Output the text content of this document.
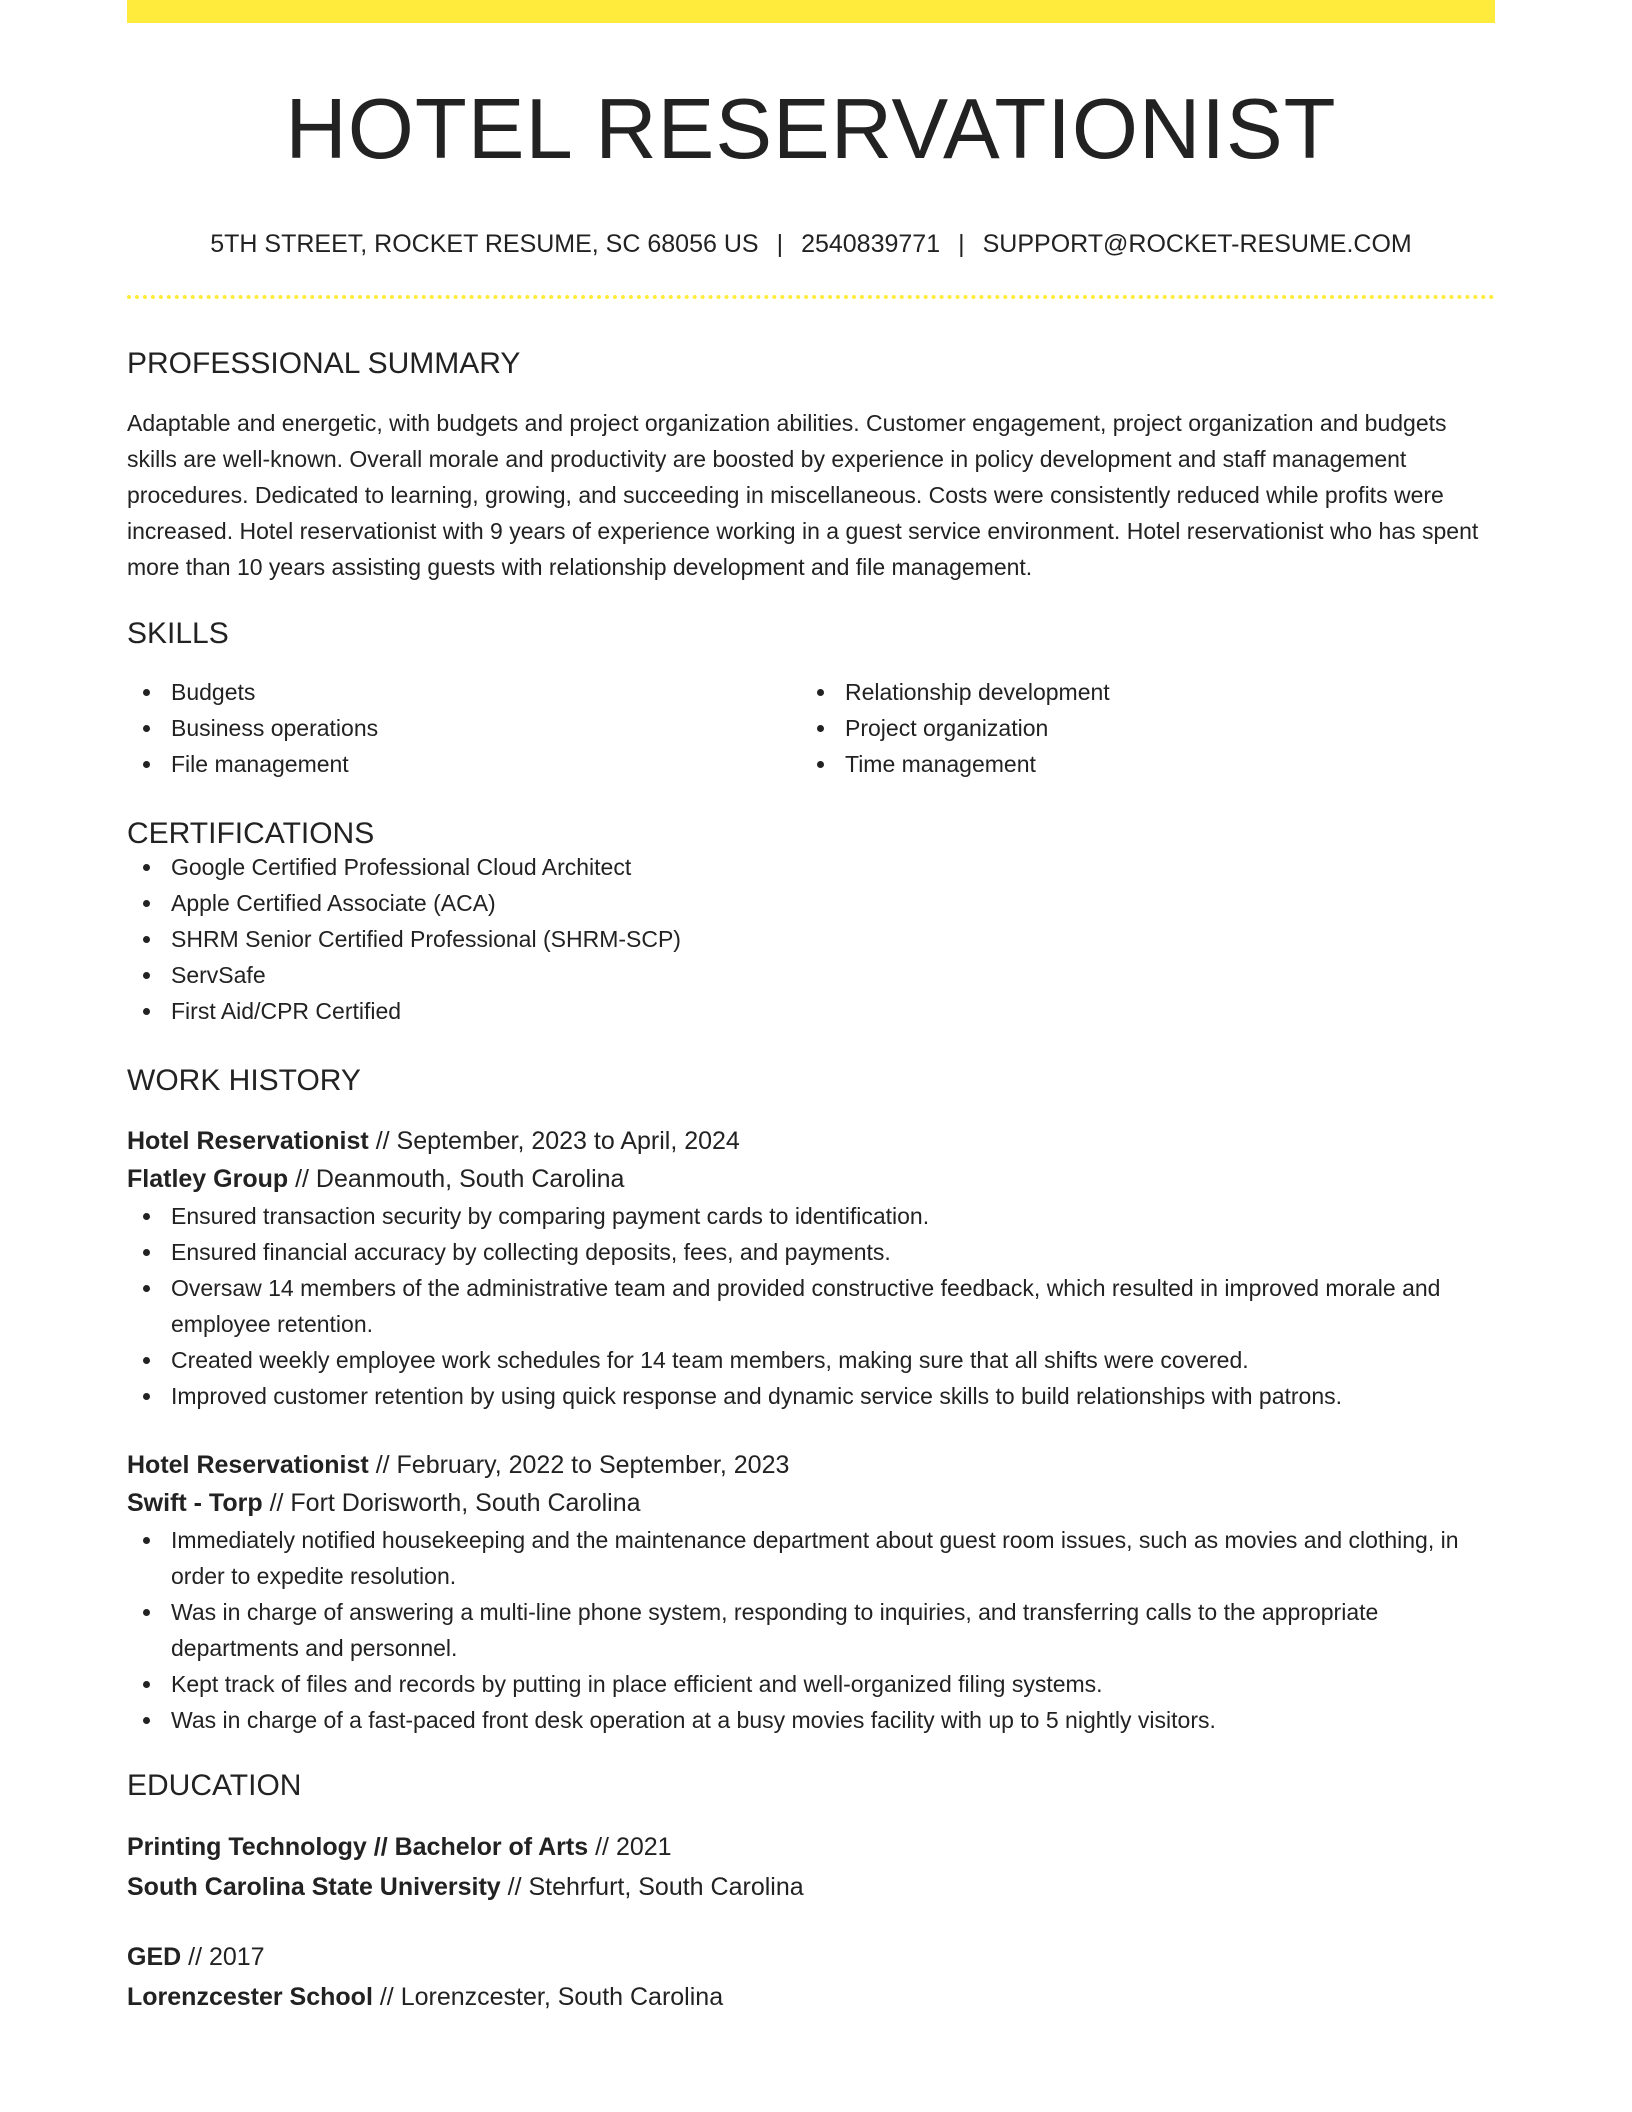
HOTEL RESERVATIONIST
5TH STREET, ROCKET RESUME, SC 68056 US | 2540839771 | SUPPORT@ROCKET-RESUME.COM
PROFESSIONAL SUMMARY

Adaptable and energetic, with budgets and project organization abilities. Customer engagement, project organization and budgets skills are well-known. Overall morale and productivity are boosted by experience in policy development and staff management procedures. Dedicated to learning, growing, and succeeding in miscellaneous. Costs were consistently reduced while profits were increased. Hotel reservationist with 9 years of experience working in a guest service environment. Hotel reservationist who has spent more than 10 years assisting guests with relationship development and file management.

SKILLS
Budgets
Business operations
File management
Relationship development
Project organization
Time management
CERTIFICATIONS
Google Certified Professional Cloud Architect
Apple Certified Associate (ACA)
SHRM Senior Certified Professional (SHRM-SCP)
ServSafe
First Aid/CPR Certified
WORK HISTORY
Hotel Reservationist // September, 2023 to April, 2024
Flatley Group // Deanmouth, South Carolina
Ensured transaction security by comparing payment cards to identification.
Ensured financial accuracy by collecting deposits, fees, and payments.
Oversaw 14 members of the administrative team and provided constructive feedback, which resulted in improved morale and employee retention.
Created weekly employee work schedules for 14 team members, making sure that all shifts were covered.
Improved customer retention by using quick response and dynamic service skills to build relationships with patrons.
Hotel Reservationist // February, 2022 to September, 2023
Swift - Torp // Fort Dorisworth, South Carolina
Immediately notified housekeeping and the maintenance department about guest room issues, such as movies and clothing, in order to expedite resolution.
Was in charge of answering a multi-line phone system, responding to inquiries, and transferring calls to the appropriate departments and personnel.
Kept track of files and records by putting in place efficient and well-organized filing systems.
Was in charge of a fast-paced front desk operation at a busy movies facility with up to 5 nightly visitors.
EDUCATION
Printing Technology // Bachelor of Arts // 2021
South Carolina State University // Stehrfurt, South Carolina
GED // 2017
Lorenzcester School // Lorenzcester, South Carolina
